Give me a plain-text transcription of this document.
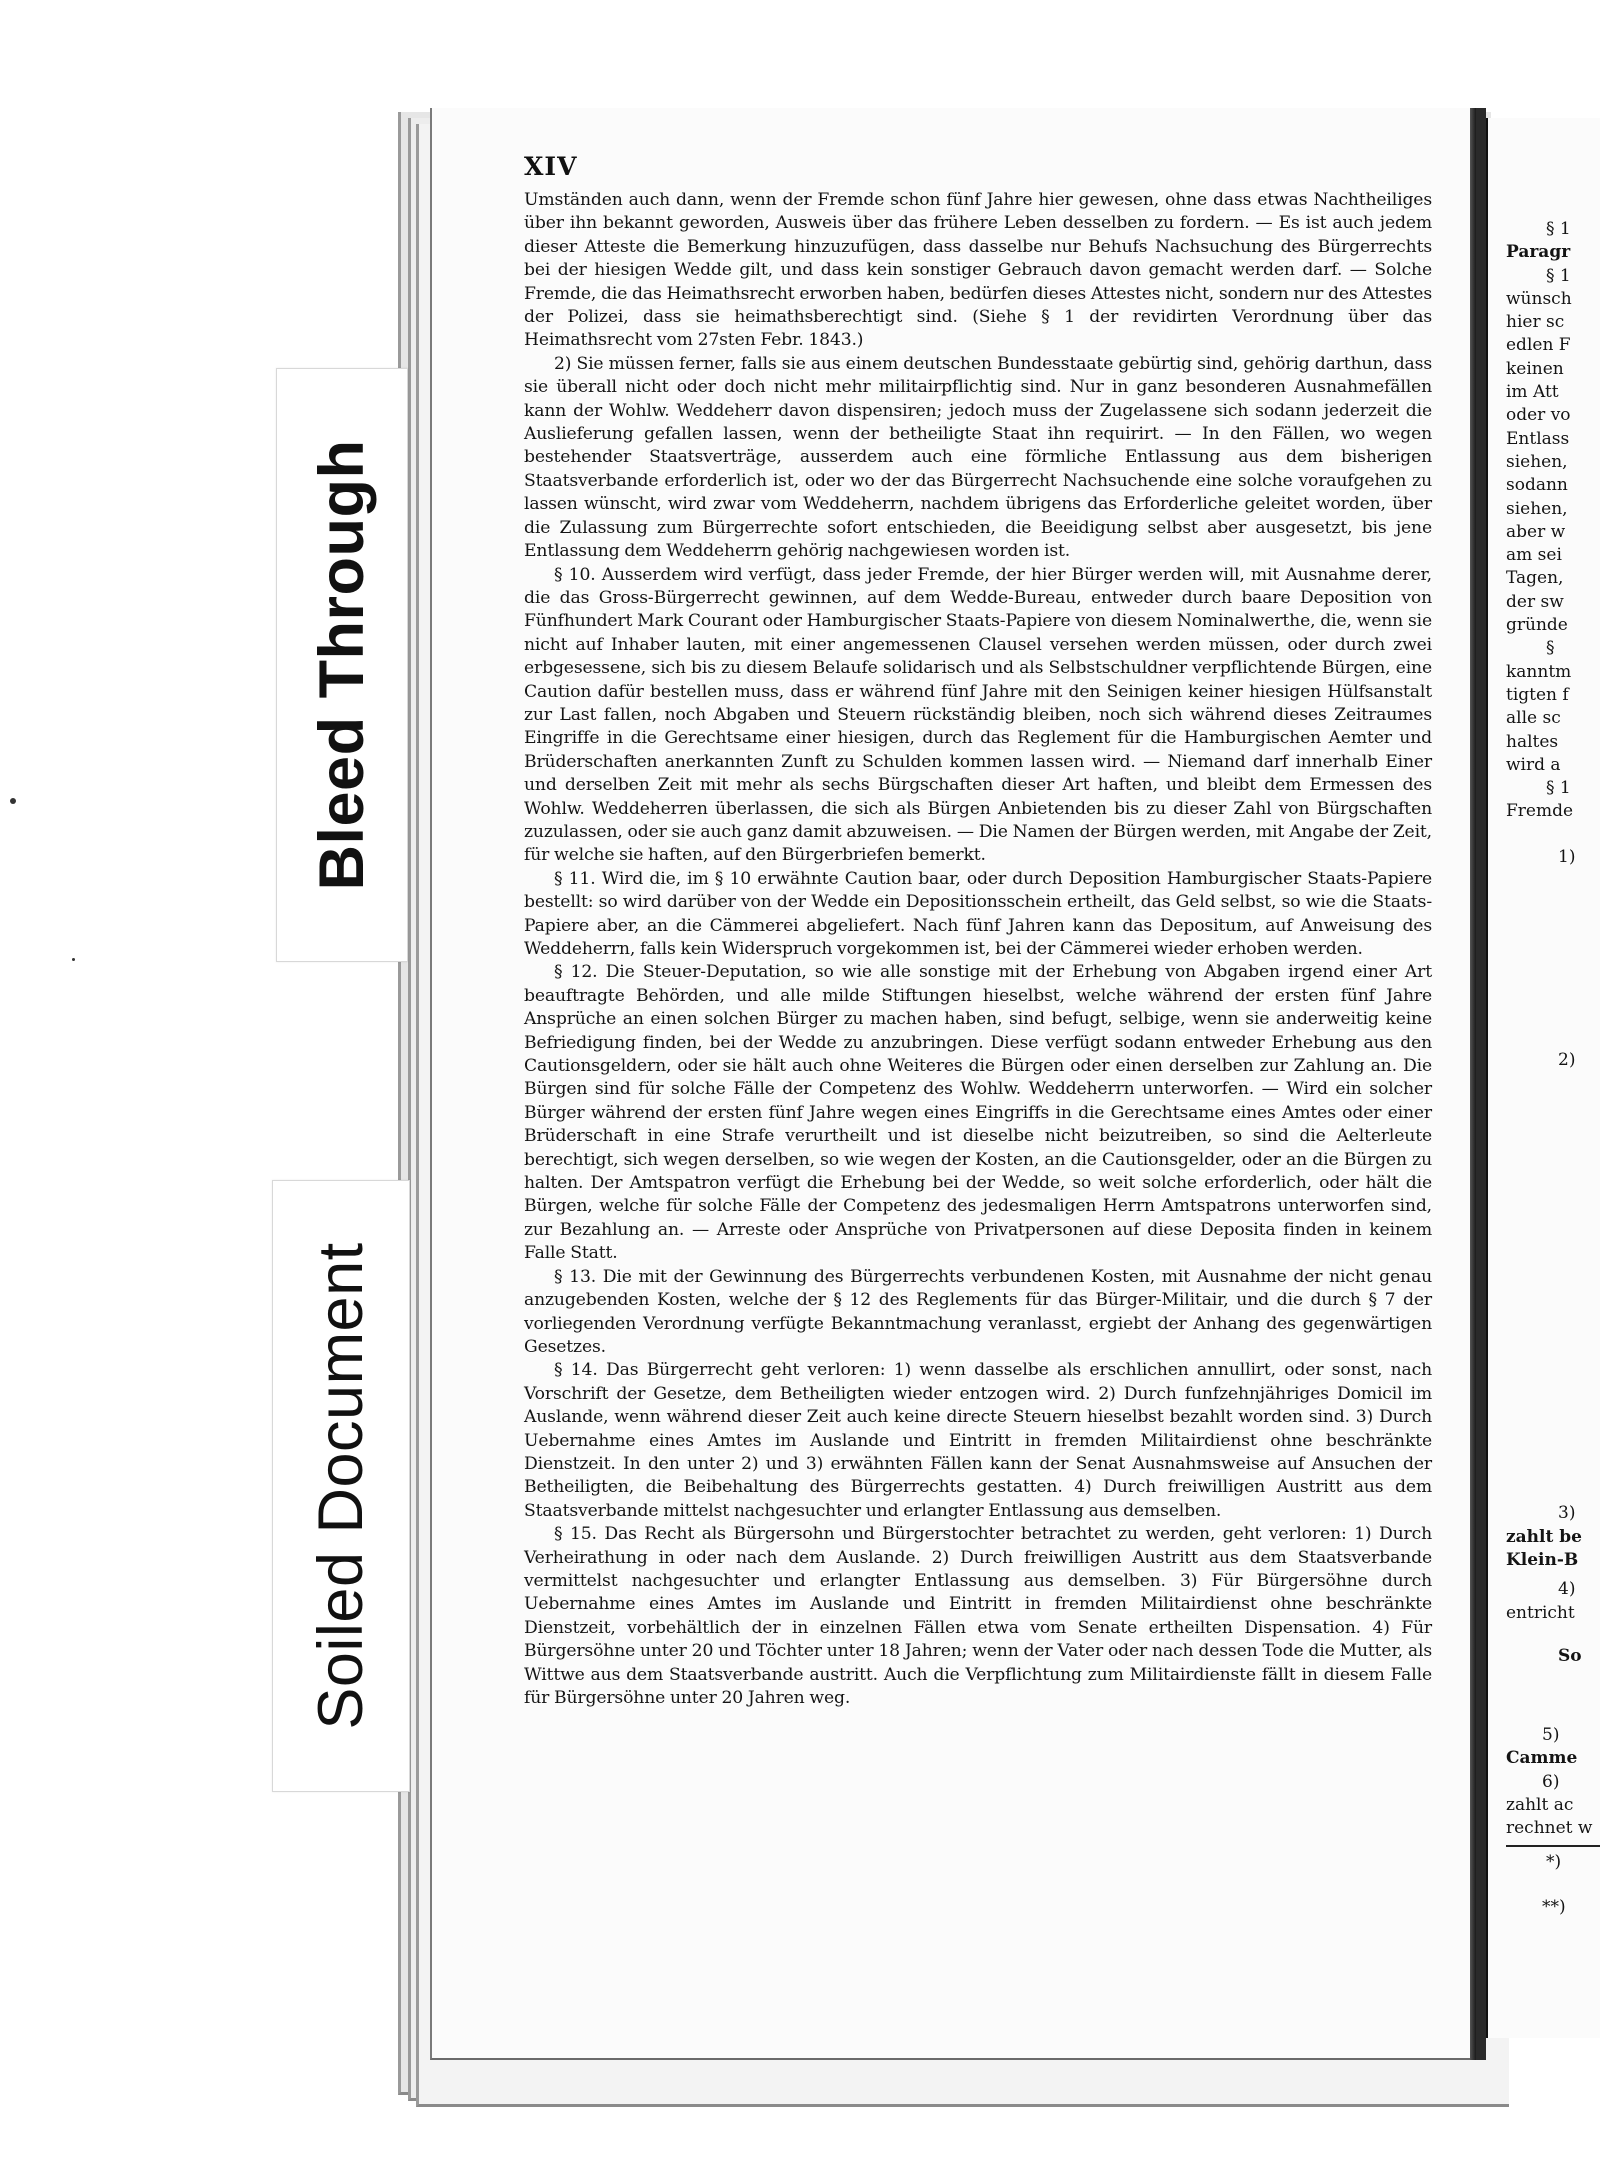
XIV

Umständen auch dann, wenn der Fremde schon fünf Jahre hier gewesen, ohne dass etwas Nachtheiliges über ihn bekannt geworden, Ausweis über das frühere Leben desselben zu fordern. — Es ist auch jedem dieser Atteste die Bemerkung hinzuzufügen, dass dasselbe nur Behufs Nachsuchung des Bürgerrechts bei der hiesigen Wedde gilt, und dass kein sonstiger Gebrauch davon gemacht werden darf. — Solche Fremde, die das Heimathsrecht erworben haben, bedürfen dieses Attestes nicht, sondern nur des Attestes der Polizei, dass sie heimathsberechtigt sind. (Siehe § 1 der revidirten Verordnung über das Heimathsrecht vom 27sten Febr. 1843.)

2) Sie müssen ferner, falls sie aus einem deutschen Bundesstaate gebürtig sind, gehörig darthun, dass sie überall nicht oder doch nicht mehr militairpflichtig sind. Nur in ganz besonderen Ausnahmefällen kann der Wohlw. Weddeherr davon dispensiren; jedoch muss der Zugelassene sich sodann jederzeit die Auslieferung gefallen lassen, wenn der betheiligte Staat ihn requirirt. — In den Fällen, wo wegen bestehender Staatsverträge, ausserdem auch eine förmliche Entlassung aus dem bisherigen Staatsverbande erforderlich ist, oder wo der das Bürgerrecht Nachsuchende eine solche voraufgehen zu lassen wünscht, wird zwar vom Weddeherrn, nachdem übrigens das Erforderliche geleitet worden, über die Zulassung zum Bürgerrechte sofort entschieden, die Beeidigung selbst aber ausgesetzt, bis jene Entlassung dem Weddeherrn gehörig nachgewiesen worden ist.

§ 10. Ausserdem wird verfügt, dass jeder Fremde, der hier Bürger werden will, mit Ausnahme derer, die das Gross-Bürgerrecht gewinnen, auf dem Wedde-Bureau, entweder durch baare Deposition von Fünfhundert Mark Courant oder Hamburgischer Staats-Papiere von diesem Nominalwerthe, die, wenn sie nicht auf Inhaber lauten, mit einer angemessenen Clausel versehen werden müssen, oder durch zwei erbgesessene, sich bis zu diesem Belaufe solidarisch und als Selbstschuldner verpflichtende Bürgen, eine Caution dafür bestellen muss, dass er während fünf Jahre mit den Seinigen keiner hiesigen Hülfsanstalt zur Last fallen, noch Abgaben und Steuern rückständig bleiben, noch sich während dieses Zeitraumes Eingriffe in die Gerechtsame einer hiesigen, durch das Reglement für die Hamburgischen Aemter und Brüderschaften anerkannten Zunft zu Schulden kommen lassen wird. — Niemand darf innerhalb Einer und derselben Zeit mit mehr als sechs Bürgschaften dieser Art haften, und bleibt dem Ermessen des Wohlw. Weddeherren überlassen, die sich als Bürgen Anbietenden bis zu dieser Zahl von Bürgschaften zuzulassen, oder sie auch ganz damit abzuweisen. — Die Namen der Bürgen werden, mit Angabe der Zeit, für welche sie haften, auf den Bürgerbriefen bemerkt.

§ 11. Wird die, im § 10 erwähnte Caution baar, oder durch Deposition Hamburgischer Staats-Papiere bestellt: so wird darüber von der Wedde ein Depositionsschein ertheilt, das Geld selbst, so wie die Staats-Papiere aber, an die Cämmerei abgeliefert. Nach fünf Jahren kann das Depositum, auf Anweisung des Weddeherrn, falls kein Widerspruch vorgekommen ist, bei der Cämmerei wieder erhoben werden.

§ 12. Die Steuer-Deputation, so wie alle sonstige mit der Erhebung von Abgaben irgend einer Art beauftragte Behörden, und alle milde Stiftungen hieselbst, welche während der ersten fünf Jahre Ansprüche an einen solchen Bürger zu machen haben, sind befugt, selbige, wenn sie anderweitig keine Befriedigung finden, bei der Wedde zu anzubringen. Diese verfügt sodann entweder Erhebung aus den Cautionsgeldern, oder sie hält auch ohne Weiteres die Bürgen oder einen derselben zur Zahlung an. Die Bürgen sind für solche Fälle der Competenz des Wohlw. Weddeherrn unterworfen. — Wird ein solcher Bürger während der ersten fünf Jahre wegen eines Eingriffs in die Gerechtsame eines Amtes oder einer Brüderschaft in eine Strafe verurtheilt und ist dieselbe nicht beizutreiben, so sind die Aelterleute berechtigt, sich wegen derselben, so wie wegen der Kosten, an die Cautionsgelder, oder an die Bürgen zu halten. Der Amtspatron verfügt die Erhebung bei der Wedde, so weit solche erforderlich, oder hält die Bürgen, welche für solche Fälle der Competenz des jedesmaligen Herrn Amtspatrons unterworfen sind, zur Bezahlung an. — Arreste oder Ansprüche von Privatpersonen auf diese Deposita finden in keinem Falle Statt.

§ 13. Die mit der Gewinnung des Bürgerrechts verbundenen Kosten, mit Ausnahme der nicht genau anzugebenden Kosten, welche der § 12 des Reglements für das Bürger-Militair, und die durch § 7 der vorliegenden Verordnung verfügte Bekanntmachung veranlasst, ergiebt der Anhang des gegenwärtigen Gesetzes.

§ 14. Das Bürgerrecht geht verloren: 1) wenn dasselbe als erschlichen annullirt, oder sonst, nach Vorschrift der Gesetze, dem Betheiligten wieder entzogen wird. 2) Durch funfzehnjähriges Domicil im Auslande, wenn während dieser Zeit auch keine directe Steuern hieselbst bezahlt worden sind. 3) Durch Uebernahme eines Amtes im Auslande und Eintritt in fremden Militairdienst ohne beschränkte Dienstzeit. In den unter 2) und 3) erwähnten Fällen kann der Senat Ausnahmsweise auf Ansuchen der Betheiligten, die Beibehaltung des Bürgerrechts gestatten. 4) Durch freiwilligen Austritt aus dem Staatsverbande mittelst nachgesuchter und erlangter Entlassung aus demselben.

§ 15. Das Recht als Bürgersohn und Bürgerstochter betrachtet zu werden, geht verloren: 1) Durch Verheirathung in oder nach dem Auslande. 2) Durch freiwilligen Austritt aus dem Staatsverbande vermittelst nachgesuchter und erlangter Entlassung aus demselben. 3) Für Bürgersöhne durch Uebernahme eines Amtes im Auslande und Eintritt in fremden Militairdienst ohne beschränkte Dienstzeit, vorbehältlich der in einzelnen Fällen etwa vom Senate ertheilten Dispensation. 4) Für Bürgersöhne unter 20 und Töchter unter 18 Jahren; wenn der Vater oder nach dessen Tode die Mutter, als Wittwe aus dem Staatsverbande austritt. Auch die Verpflichtung zum Militairdienste fällt in diesem Falle für Bürgersöhne unter 20 Jahren weg.

§ 1
Paragr
§ 1
wünsch
hier sc
edlen F
keinen
im Att
oder vo
Entlass
siehen,
sodann
siehen,
aber w
am sei
Tagen,
der sw
gründe
§
kanntm
tigten f
alle sc
haltes
wird a
§ 1
Fremde
1)
2)
3)
zahlt be
Klein-B
4)
entricht
So
5)
Camme
6)
zahlt ac
rechnet w
*)
**)
Bleed Through
Soiled Document
